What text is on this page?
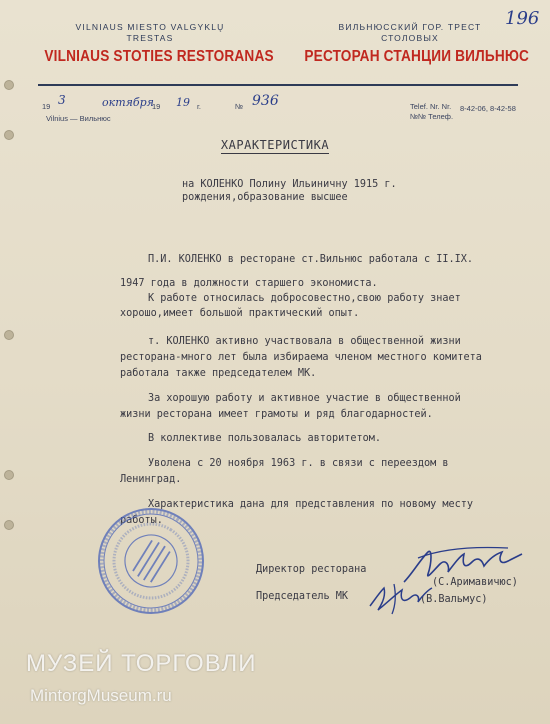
196
VILNIAUS MIESTO VALGYKLŲ
TRESTAS
VILNIAUS STOTIES RESTORANAS
ВИЛЬНЮССКИЙ ГОР. ТРЕСТ
СТОЛОВЫХ
РЕСТОРАН СТАНЦИИ ВИЛЬНЮС
19 3	октября
19 19 г.	№ 936
Vilnius — Вильнюс
Telef. Nr. Nr. 8-42-06, 8-42-58
№№ Телеф.
ХАРАКТЕРИСТИКА
на КОЛЕНКО Полину Ильиничну 1915 г.
рождения,образование высшее
П.И. КОЛЕНКО в ресторане ст.Вильнюс работала с II.IX.
1947 года в должности старшего экономиста.
К работе относилась добросовестно,свою работу знает
хорошо,имеет большой практический опыт.
т. КОЛЕНКО активно участвовала в общественной жизни
ресторана-много лет была избираема членом местного комитета
работала также председателем МК.
За хорошую работу и активное участие в общественной
жизни ресторана имеет грамоты и ряд благодарностей.
В коллективе пользовалась авторитетом.
Уволена с 20 ноября 1963 г. в связи с переездом в
Ленинград.
Характеристика дана для представления по новому месту
работы.
Директор ресторана
(С.Аримавичюс)
Председатель МК	(В.Вальмус)
МУЗЕЙ ТОРГОВЛИ
MintorgMuseum.ru
